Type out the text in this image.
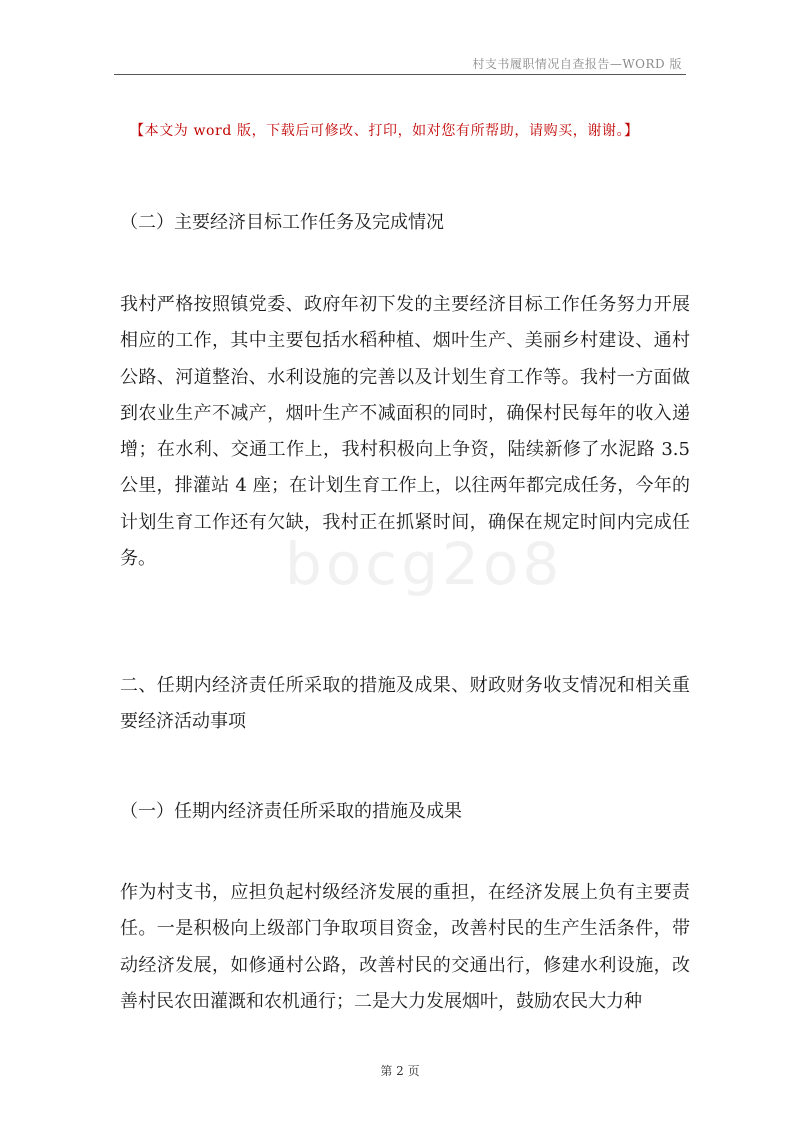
村支书履职情况自查报告—WORD 版
【本文为 word 版，下载后可修改、打印，如对您有所帮助，请购买，谢谢。】

（二）主要经济目标工作任务及完成情况

我村严格按照镇党委、政府年初下发的主要经济目标工作任务努力开展相应的工作，其中主要包括水稻种植、烟叶生产、美丽乡村建设、通村公路、河道整治、水利设施的完善以及计划生育工作等。我村一方面做到农业生产不减产，烟叶生产不减面积的同时，确保村民每年的收入递增；在水利、交通工作上，我村积极向上争资，陆续新修了水泥路 3.5 公里，排灌站 4 座；在计划生育工作上，以往两年都完成任务，今年的计划生育工作还有欠缺，我村正在抓紧时间，确保在规定时间内完成任务。

二、任期内经济责任所采取的措施及成果、财政财务收支情况和相关重要经济活动事项

（一）任期内经济责任所采取的措施及成果

作为村支书，应担负起村级经济发展的重担，在经济发展上负有主要责任。一是积极向上级部门争取项目资金，改善村民的生产生活条件，带动经济发展，如修通村公路，改善村民的交通出行，修建水利设施，改善村民农田灌溉和农机通行；二是大力发展烟叶，鼓励农民大力种

bocg2o8
第 2 页
